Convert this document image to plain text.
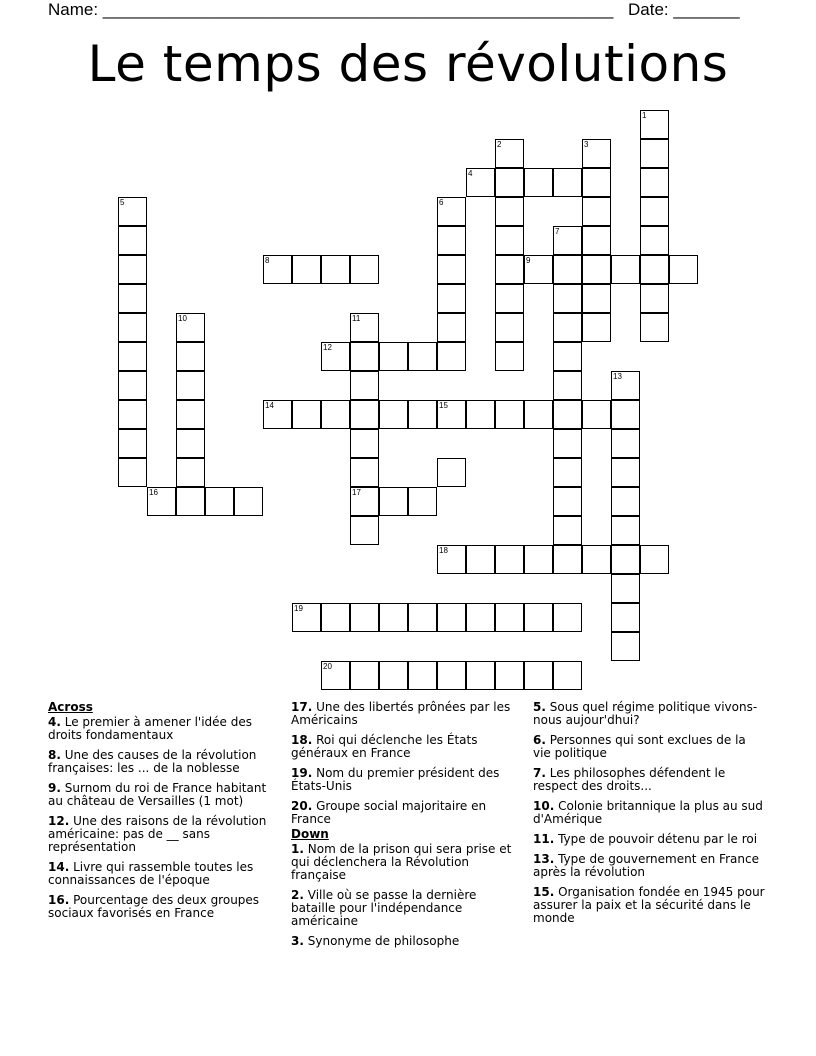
Name: ______________________________________________________ Date: _______
Le temps des révolutions
1
2	3
4
5	6
7
8	9
10	11
17
12
13
14	15
16
18
19
20
Across
4. Le premier à amener l'idée des droits fondamentaux
8. Une des causes de la révolution françaises: les ... de la noblesse
9. Surnom du roi de France habitant au château de Versailles (1 mot)
12. Une des raisons de la révolution américaine: pas de __ sans représentation
14. Livre qui rassemble toutes les connaissances de l'époque
16. Pourcentage des deux groupes sociaux favorisés en France
17. Une des libertés prônées par les Américains
18. Roi qui déclenche les États généraux en France
19. Nom du premier président des États-Unis
20. Groupe social majoritaire en France
Down
1. Nom de la prison qui sera prise et qui déclenchera la Révolution française
2. Ville où se passe la dernière bataille pour l'indépendance américaine
3. Synonyme de philosophe
5. Sous quel régime politique vivons-nous aujour'dhui?
6. Personnes qui sont exclues de la vie politique
7. Les philosophes défendent le respect des droits...
10. Colonie britannique la plus au sud d'Amérique
11. Type de pouvoir détenu par le roi
13. Type de gouvernement en France après la révolution
15. Organisation fondée en 1945 pour assurer la paix et la sécurité dans le monde
